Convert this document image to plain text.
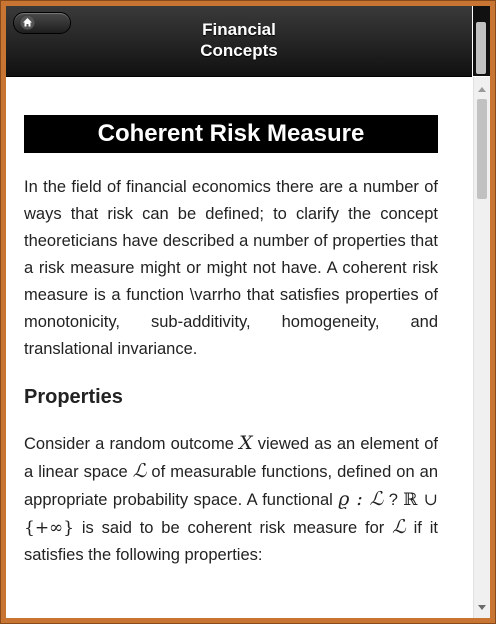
Financial
Concepts
Coherent Risk Measure
In the field of financial economics there are a number of ways that risk can be defined; to clarify the concept theoreticians have described a number of properties that a risk measure might or might not have. A coherent risk measure is a function \varrho that satisfies properties of monotonicity, sub-additivity, homogeneity, and translational invariance.
Properties
Consider a random outcome X viewed as an element of a linear space ℒ of measurable functions, defined on an appropriate probability space. A functional ϱ : ℒ ? ℝ ∪ {+∞} is said to be coherent risk measure for ℒ if it satisfies the following properties:
